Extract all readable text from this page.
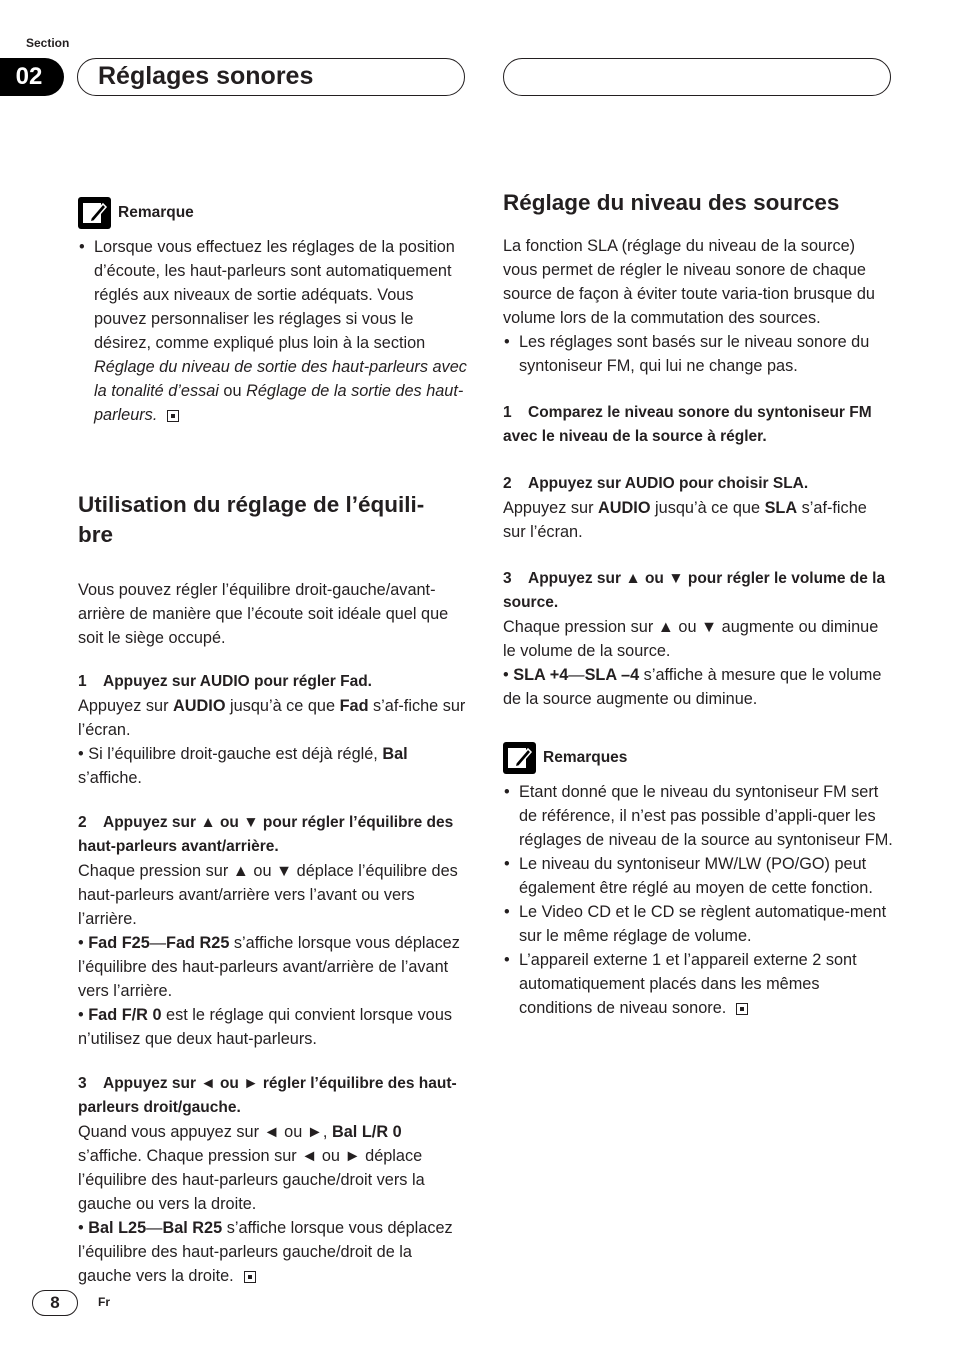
Section
02	Réglages sonores
Remarque

• Lorsque vous effectuez les réglages de la position d’écoute, les haut-parleurs sont automatiquement réglés aux niveaux de sortie adéquats. Vous pouvez personnaliser les réglages si vous le désirez, comme expliqué plus loin à la section Réglage du niveau de sortie des haut-parleurs avec la tonalité d’essai ou Réglage de la sortie des haut-parleurs.

Utilisation du réglage de l’équili-
bre

Vous pouvez régler l’équilibre droit-gauche/avant-arrière de manière que l’écoute soit idéale quel que soit le siège occupé.

1 Appuyez sur AUDIO pour régler Fad.

Appuyez sur AUDIO jusqu’à ce que Fad s’af-fiche sur l’écran.

• Si l’équilibre droit-gauche est déjà réglé, Bal s’affiche.

2 Appuyez sur ▲ ou ▼ pour régler l’équilibre des haut-parleurs avant/arrière.

Chaque pression sur ▲ ou ▼ déplace l’équilibre des haut-parleurs avant/arrière vers l’avant ou vers l’arrière.

• Fad F25—Fad R25 s’affiche lorsque vous déplacez l’équilibre des haut-parleurs avant/arrière de l’avant vers l’arrière.

• Fad F/R 0 est le réglage qui convient lorsque vous n’utilisez que deux haut-parleurs.

3 Appuyez sur ◄ ou ► régler l’équilibre des haut-parleurs droit/gauche.

Quand vous appuyez sur ◄ ou ►, Bal L/R 0 s’affiche. Chaque pression sur ◄ ou ► déplace l’équilibre des haut-parleurs gauche/droit vers la gauche ou vers la droite.

• Bal L25—Bal R25 s’affiche lorsque vous déplacez l’équilibre des haut-parleurs gauche/droit de la gauche vers la droite.

Réglage du niveau des sources

La fonction SLA (réglage du niveau de la source) vous permet de régler le niveau sonore de chaque source de façon à éviter toute varia-tion brusque du volume lors de la commutation des sources.

• Les réglages sont basés sur le niveau sonore du syntoniseur FM, qui lui ne change pas.

1 Comparez le niveau sonore du syntoniseur FM avec le niveau de la source à régler.

2 Appuyez sur AUDIO pour choisir SLA.

Appuyez sur AUDIO jusqu’à ce que SLA s’af-fiche sur l’écran.

3 Appuyez sur ▲ ou ▼ pour régler le volume de la source.

Chaque pression sur ▲ ou ▼ augmente ou diminue le volume de la source.

• SLA +4—SLA –4 s’affiche à mesure que le volume de la source augmente ou diminue.

Remarques

• Etant donné que le niveau du syntoniseur FM sert de référence, il n’est pas possible d’appli-quer les réglages de niveau de la source au syntoniseur FM.

• Le niveau du syntoniseur MW/LW (PO/GO) peut également être réglé au moyen de cette fonction.

• Le Video CD et le CD se règlent automatique-ment sur le même réglage de volume.

• L’appareil externe 1 et l’appareil externe 2 sont automatiquement placés dans les mêmes conditions de niveau sonore.

8	Fr
